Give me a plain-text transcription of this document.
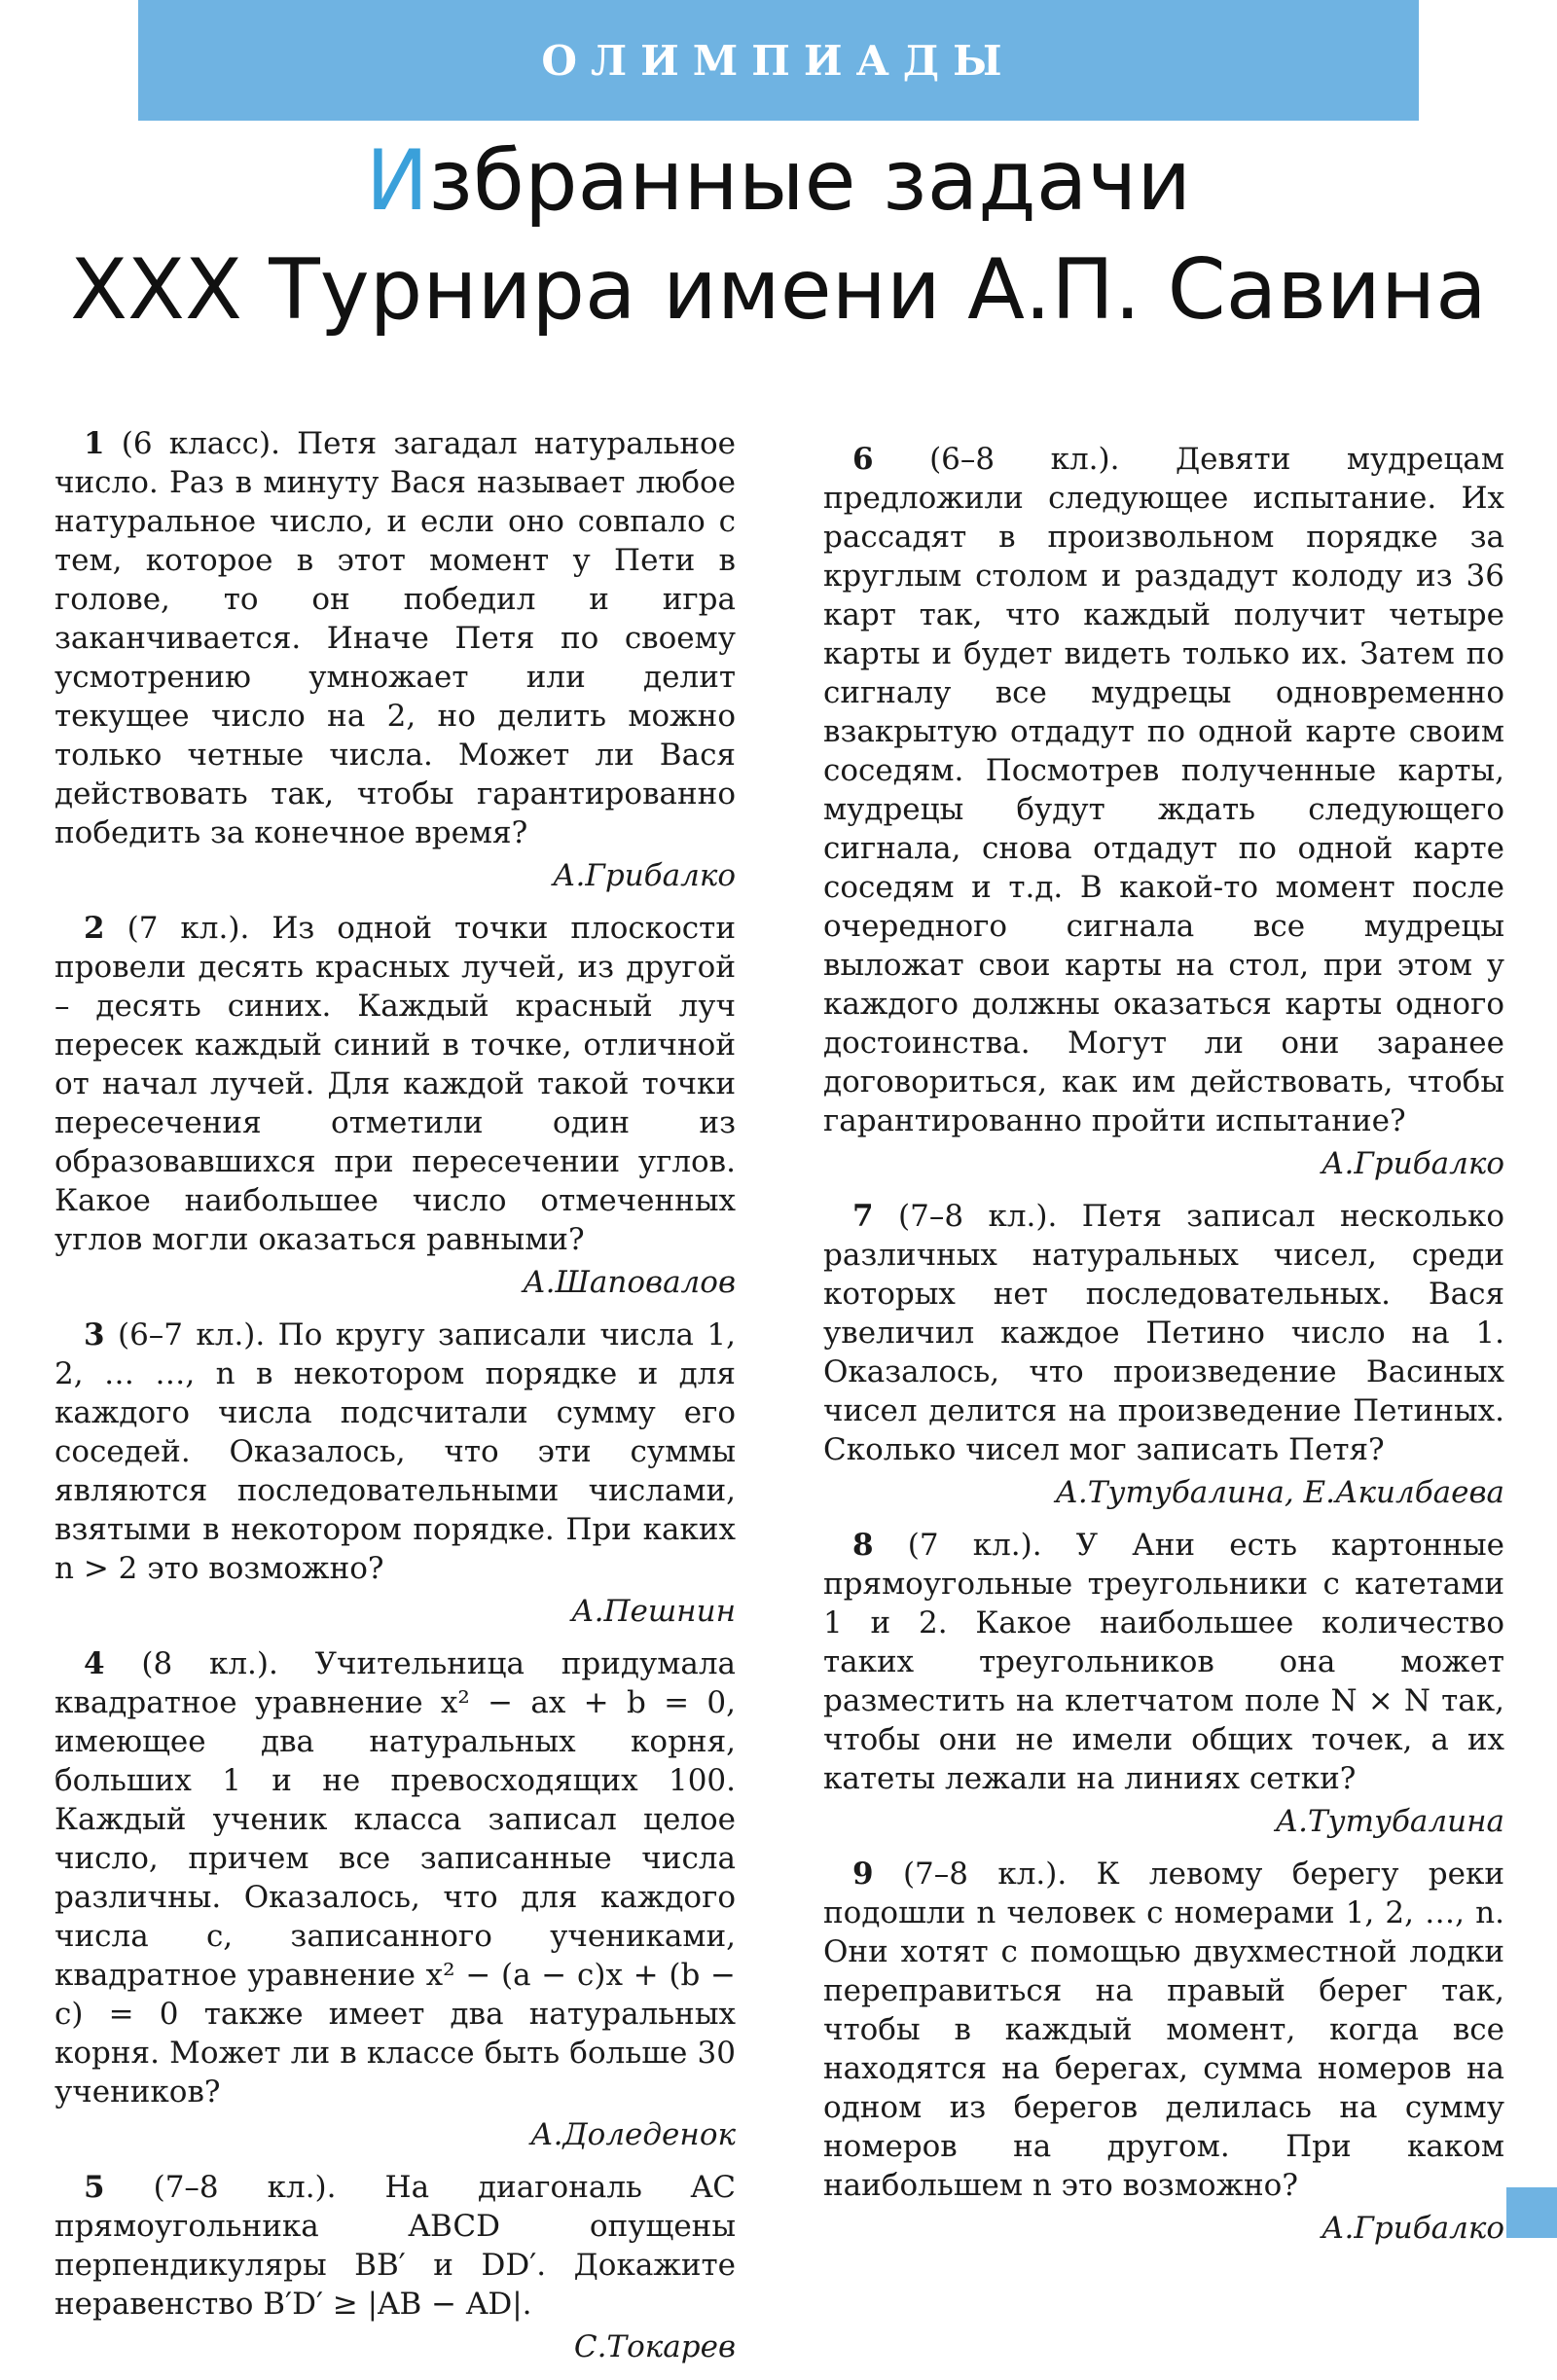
ОЛИМПИАДЫ
Избранные задачи
XXX Турнира имени А.П. Савина

1 (6 класс). Петя загадал натуральное число. Раз в минуту Вася называет любое натуральное число, и если оно совпало с тем, которое в этот момент у Пети в голове, то он победил и игра заканчивается. Иначе Петя по своему усмотрению умножает или делит текущее число на 2, но делить можно только четные числа. Может ли Вася действовать так, чтобы гарантированно победить за конечное время?

А.Грибалко

2 (7 кл.). Из одной точки плоскости провели десять красных лучей, из другой – десять синих. Каждый красный луч пересек каждый синий в точке, отличной от начал лучей. Для каждой такой точки пересечения отметили один из образовавшихся при пересечении углов. Какое наибольшее число отмеченных углов могли оказаться равными?

А.Шаповалов

3 (6–7 кл.). По кругу записали числа 1, 2, … …, n в некотором порядке и для каждого числа подсчитали сумму его соседей. Оказалось, что эти суммы являются последовательными числами, взятыми в некотором порядке. При каких n > 2 это возможно?

А.Пешнин

4 (8 кл.). Учительница придумала квадратное уравнение x² − ax + b = 0, имеющее два натуральных корня, больших 1 и не превосходящих 100. Каждый ученик класса записал целое число, причем все записанные числа различны. Оказалось, что для каждого числа c, записанного учениками, квадратное уравнение x² − (a − c)x + (b − c) = 0 также имеет два натуральных корня. Может ли в классе быть больше 30 учеников?

А.Доледенок

5 (7–8 кл.). На диагональ AC прямоугольника ABCD опущены перпендикуляры BB′ и DD′. Докажите неравенство B′D′ ≥ |AB − AD|.

С.Токарев

6 (6–8 кл.). Девяти мудрецам предложили следующее испытание. Их рассадят в произвольном порядке за круглым столом и раздадут колоду из 36 карт так, что каждый получит четыре карты и будет видеть только их. Затем по сигналу все мудрецы одновременно взакрытую отдадут по одной карте своим соседям. Посмотрев полученные карты, мудрецы будут ждать следующего сигнала, снова отдадут по одной карте соседям и т.д. В какой-то момент после очередного сигнала все мудрецы выложат свои карты на стол, при этом у каждого должны оказаться карты одного достоинства. Могут ли они заранее договориться, как им действовать, чтобы гарантированно пройти испытание?

А.Грибалко

7 (7–8 кл.). Петя записал несколько различных натуральных чисел, среди которых нет последовательных. Вася увеличил каждое Петино число на 1. Оказалось, что произведение Васиных чисел делится на произведение Петиных. Сколько чисел мог записать Петя?

А.Тутубалина, Е.Акилбаева

8 (7 кл.). У Ани есть картонные прямоугольные треугольники с катетами 1 и 2. Какое наибольшее количество таких треугольников она может разместить на клетчатом поле N × N так, чтобы они не имели общих точек, а их катеты лежали на линиях сетки?

А.Тутубалина

9 (7–8 кл.). К левому берегу реки подошли n человек с номерами 1, 2, …, n. Они хотят с помощью двухместной лодки переправиться на правый берег так, чтобы в каждый момент, когда все находятся на берегах, сумма номеров на одном из берегов делилась на сумму номеров на другом. При каком наибольшем n это возможно?

А.Грибалко
